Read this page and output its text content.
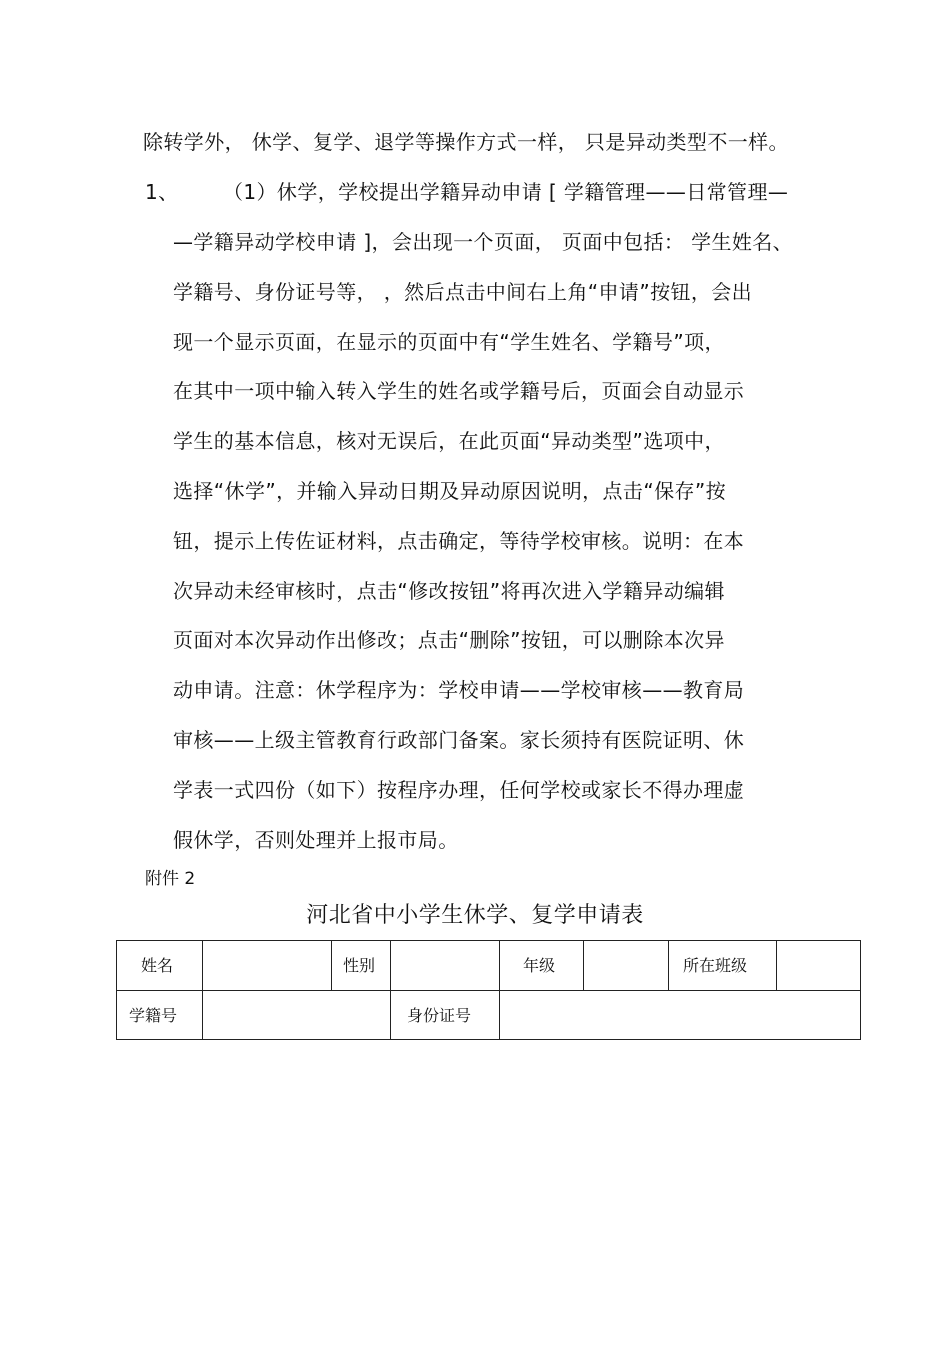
除转学外， 休学、复学、退学等操作方式一样， 只是异动类型不一样。
1、 （1）休学，学校提出学籍异动申请 [ 学籍管理——日常管理—
—学籍异动学校申请 ]，会出现一个页面， 页面中包括： 学生姓名、
学籍号、身份证号等， ，然后点击中间右上角“申请”按钮，会出
现一个显示页面，在显示的页面中有“学生姓名、学籍号”项，
在其中一项中输入转入学生的姓名或学籍号后，页面会自动显示
学生的基本信息，核对无误后，在此页面“异动类型”选项中，
选择“休学”，并输入异动日期及异动原因说明，点击“保存”按
钮，提示上传佐证材料，点击确定，等待学校审核。说明：在本
次异动未经审核时，点击“修改按钮”将再次进入学籍异动编辑
页面对本次异动作出修改；点击“删除”按钮，可以删除本次异
动申请。注意：休学程序为：学校申请——学校审核——教育局
审核——上级主管教育行政部门备案。家长须持有医院证明、休
学表一式四份（如下）按程序办理，任何学校或家长不得办理虚
假休学，否则处理并上报市局。
附件 2
河北省中小学生休学、复学申请表
姓名	性别	年级	所在班级
学籍号	身份证号
